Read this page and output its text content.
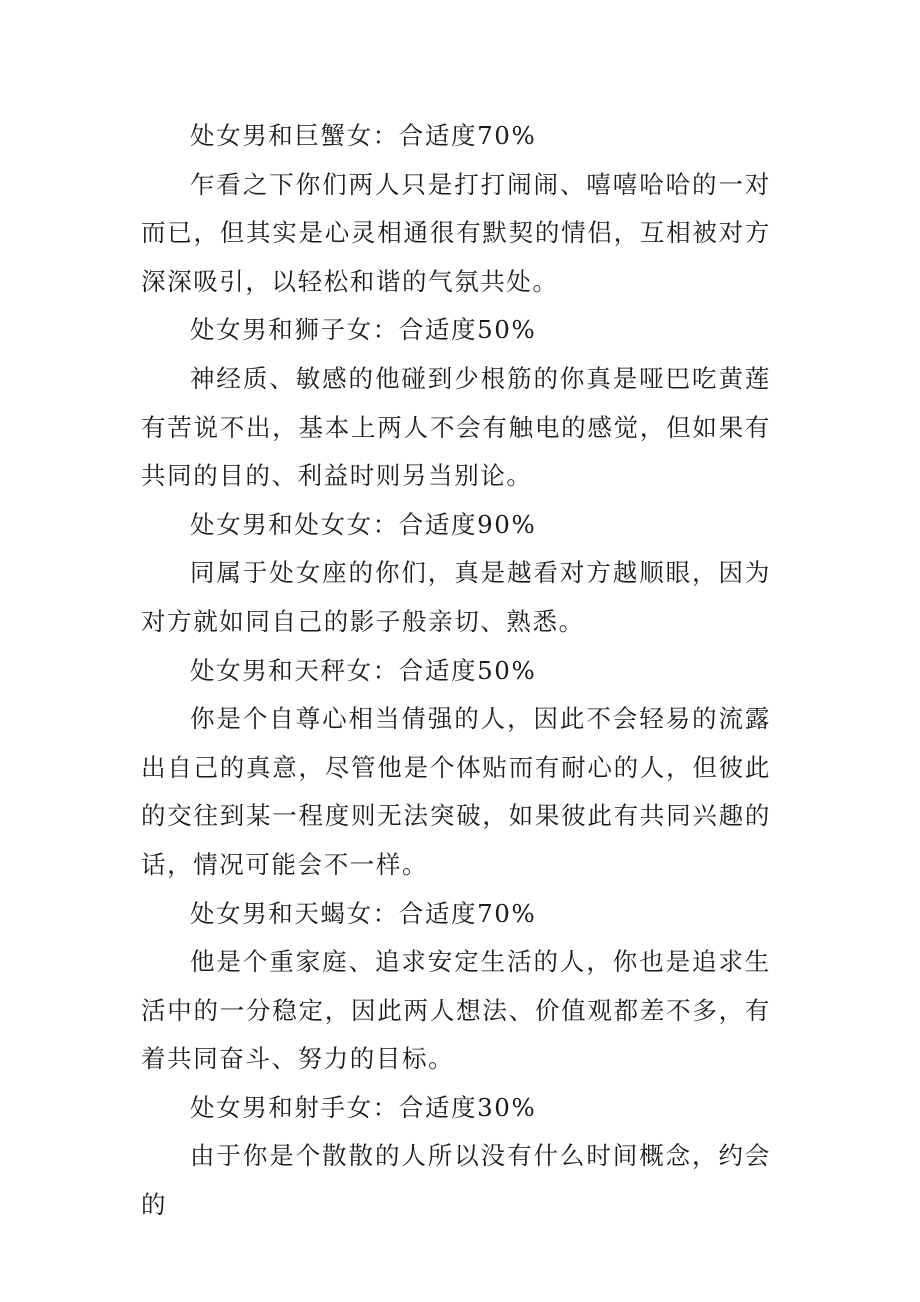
处女男和巨蟹女：合适度70%

乍看之下你们两人只是打打闹闹、嘻嘻哈哈的一对而已，但其实是心灵相通很有默契的情侣，互相被对方深深吸引，以轻松和谐的气氛共处。

处女男和狮子女：合适度50%

神经质、敏感的他碰到少根筋的你真是哑巴吃黄莲有苦说不出，基本上两人不会有触电的感觉，但如果有共同的目的、利益时则另当别论。

处女男和处女女：合适度90%

同属于处女座的你们，真是越看对方越顺眼，因为对方就如同自己的影子般亲切、熟悉。

处女男和天秤女：合适度50%

你是个自尊心相当倩强的人，因此不会轻易的流露出自己的真意，尽管他是个体贴而有耐心的人，但彼此的交往到某一程度则无法突破，如果彼此有共同兴趣的话，情况可能会不一样。

处女男和天蝎女：合适度70%

他是个重家庭、追求安定生活的人，你也是追求生活中的一分稳定，因此两人想法、价值观都差不多，有着共同奋斗、努力的目标。

处女男和射手女：合适度30%

由于你是个散散的人所以没有什么时间概念，约会的
